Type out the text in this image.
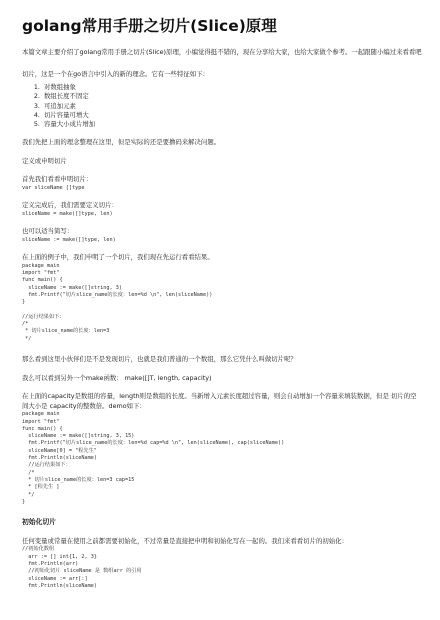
golang常用手册之切片(Slice)原理

本篇文章主要介绍了golang常用手册之切片(Slice)原理，小编觉得挺不错的，现在分享给大家，也给大家做个参考。一起跟随小编过来看看吧

切片，这是一个在go语言中引入的新的理念。它有一些特征如下：

1. 对数组抽象
2. 数组长度不固定
3. 可追加元素
4. 切片容量可增大
5. 容量大小成片增加

我们先把上面的理念整理在这里，但是实际的还是要撸码来解决问题。

定义或申明切片

首先我们看看申明切片：

var sliceName []type

定义完成后，我们需要定义切片：

sliceName = make([]type, len)

也可以适当简写：

sliceName := make([]type, len)

在上面的例子中，我们申明了一个切片，我们现在先运行看看结果。

package main
import "fmt"
func main() {
sliceName := make([]string, 3)
fmt.Printf("切片slice_name的长度：len=%d \n", len(sliceName))
}

//运行结果如下：
/*
* 切片slice_name的长度：len=3
*/

那么看到这里小伙伴们是不是发现切片，也就是我们普通的一个数组，那么它凭什么叫做切片呢？

我么可以看到另外一个make函数： make([]T, length, capacity)

在上面的capacity是数组的容量，length则是数组的长度。当新增入元素长度超过容量，则会自动增加一个容量来填装数据，但是 切片的空间大小是 capacity的整数倍。demo如下：

package main
import "fmt"
func main() {
sliceName := make([]string, 3, 15)
fmt.Printf("切片slice_name的长度：len=%d cap=%d \n", len(sliceName), cap(sliceName))
sliceName[0] = "程先生"
fmt.Println(sliceName)
//运行结果如下：
/*
* 切片slice_name的长度：len=3 cap=15
* [程先生 ]
*/
}

初始化切片

任何变量或常量在使用之前都需要初始化，不过常量是直接把申明和初始化写在一起的。我们来看看切片的初始化：

//初始化数组
arr := [] int{1, 2, 3}
fmt.Println(arr)
//初始化切片 sliceName 是 数组arr 的引用
sliceName := arr[:]
fmt.Println(sliceName)
